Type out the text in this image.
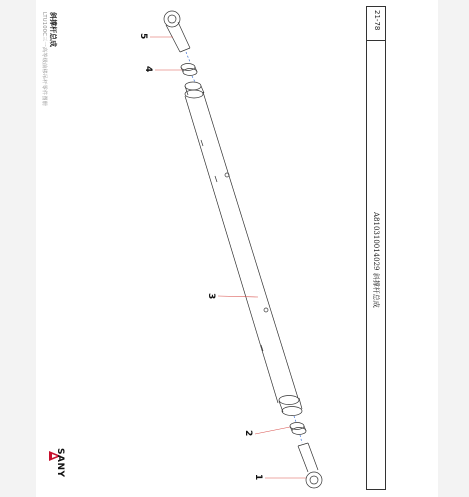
斜撑杆总成
LTU100C三一高等级前移吊杆零件图册
SANY
21-78
A810310014029 斜撑杆总成
5
4
3
2
1
